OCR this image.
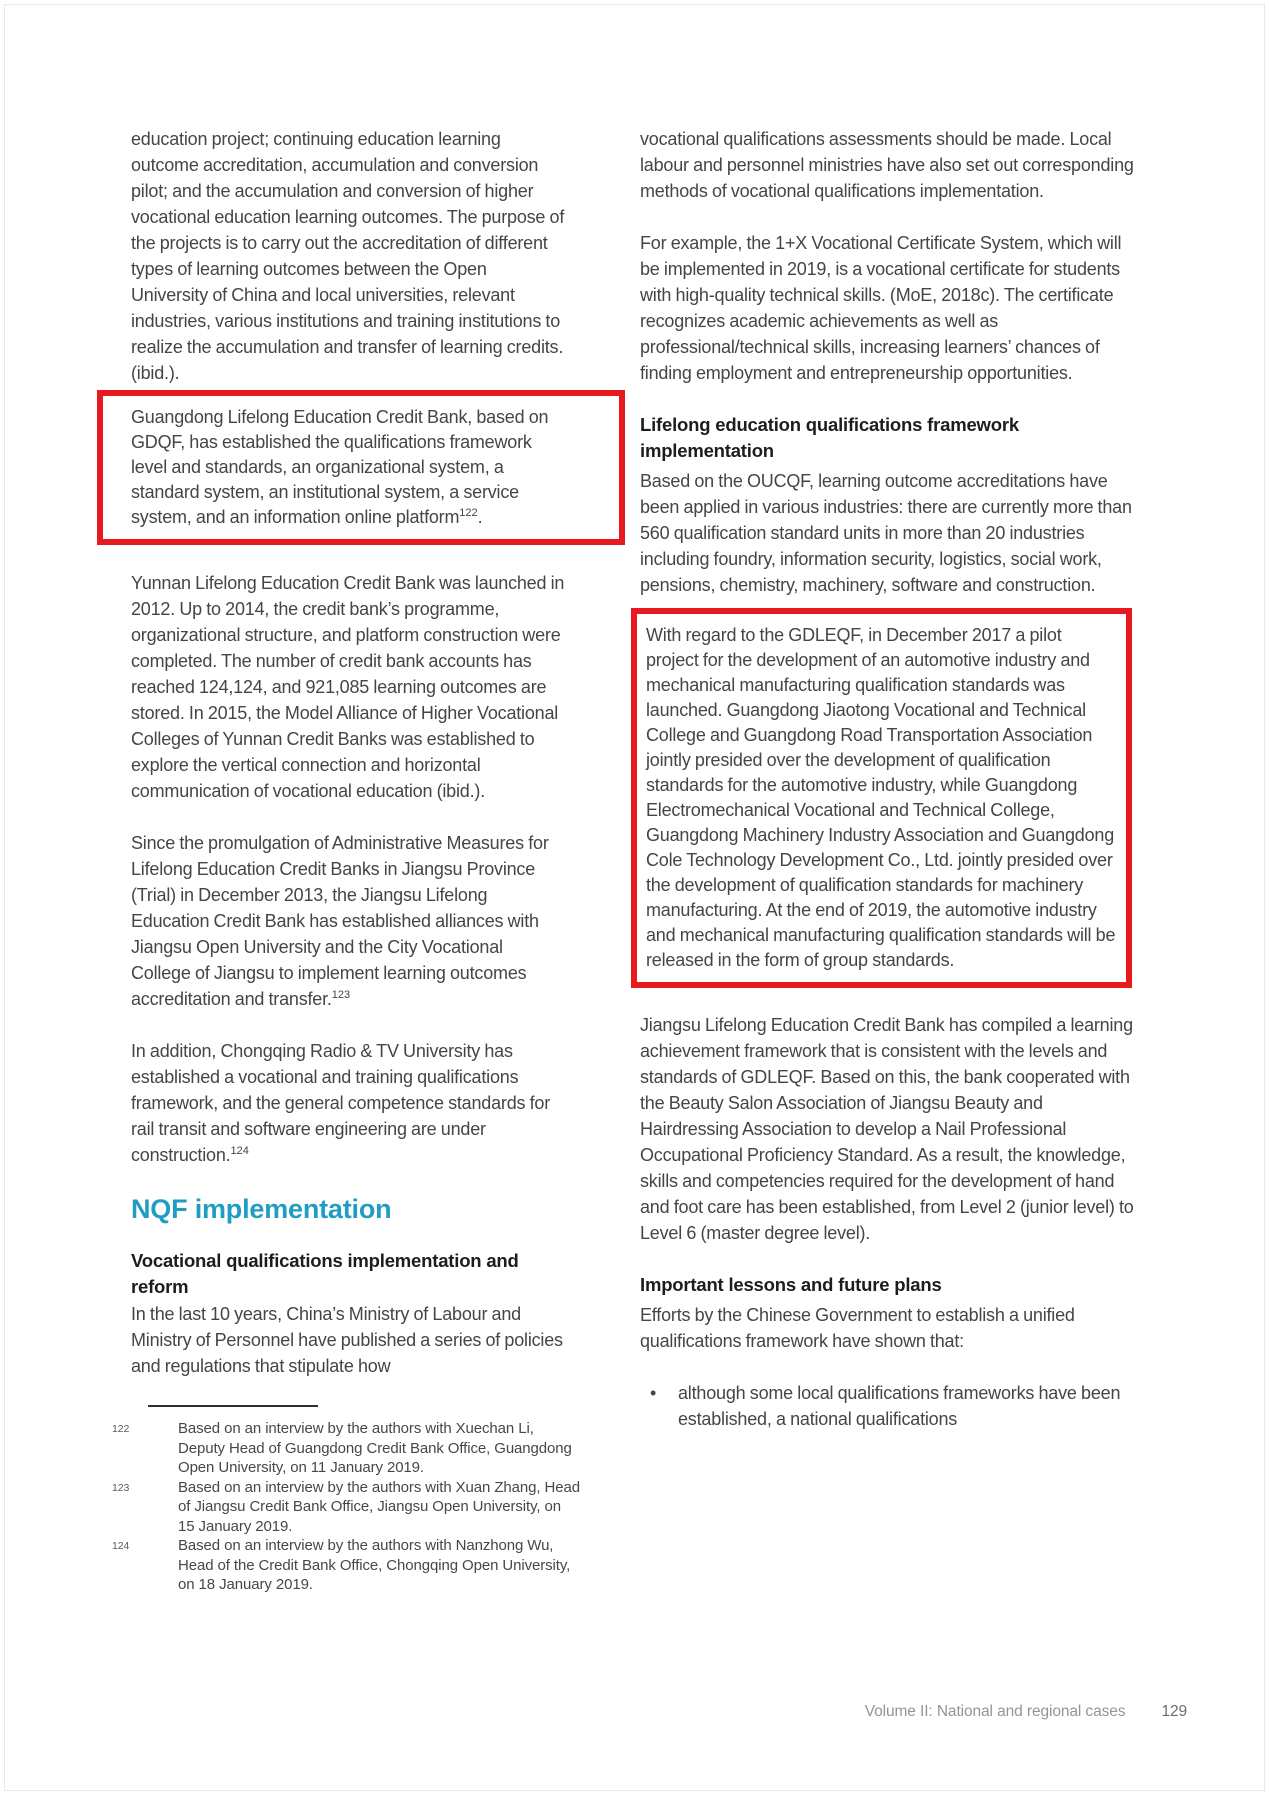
education project; continuing education learning outcome accreditation, accumulation and conversion pilot; and the accumulation and conversion of higher vocational education learning outcomes. The purpose of the projects is to carry out the accreditation of different types of learning outcomes between the Open University of China and local universities, relevant industries, various institutions and training institutions to realize the accumulation and transfer of learning credits. (ibid.).

Guangdong Lifelong Education Credit Bank, based on GDQF, has established the qualifications framework level and standards, an organizational system, a standard system, an institutional system, a service system, and an information online platform$^{122}$.

Yunnan Lifelong Education Credit Bank was launched in 2012. Up to 2014, the credit bank’s programme, organizational structure, and platform construction were completed. The number of credit bank accounts has reached 124,124, and 921,085 learning outcomes are stored. In 2015, the Model Alliance of Higher Vocational Colleges of Yunnan Credit Banks was established to explore the vertical connection and horizontal communication of vocational education (ibid.).

Since the promulgation of Administrative Measures for Lifelong Education Credit Banks in Jiangsu Province (Trial) in December 2013, the Jiangsu Lifelong Education Credit Bank has established alliances with Jiangsu Open University and the City Vocational College of Jiangsu to implement learning outcomes accreditation and transfer.$^{123}$

In addition, Chongqing Radio & TV University has established a vocational and training qualifications framework, and the general competence standards for rail transit and software engineering are under construction.$^{124}$

NQF implementation
Vocational qualifications implementation and reform

In the last 10 years, China’s Ministry of Labour and Ministry of Personnel have published a series of policies and regulations that stipulate how

122	Based on an interview by the authors with Xuechan Li, Deputy Head of Guangdong Credit Bank Office, Guangdong Open University, on 11 January 2019.
123	Based on an interview by the authors with Xuan Zhang, Head of Jiangsu Credit Bank Office, Jiangsu Open University, on 15 January 2019.
124	Based on an interview by the authors with Nanzhong Wu, Head of the Credit Bank Office, Chongqing Open University, on 18 January 2019.

vocational qualifications assessments should be made. Local labour and personnel ministries have also set out corresponding methods of vocational qualifications implementation.

For example, the 1+X Vocational Certificate System, which will be implemented in 2019, is a vocational certificate for students with high-quality technical skills. (MoE, 2018c). The certificate recognizes academic achievements as well as professional/technical skills, increasing learners’ chances of finding employment and entrepreneurship opportunities.

Lifelong education qualifications framework implementation

Based on the OUCQF, learning outcome accreditations have been applied in various industries: there are currently more than 560 qualification standard units in more than 20 industries including foundry, information security, logistics, social work, pensions, chemistry, machinery, software and construction.

With regard to the GDLEQF, in December 2017 a pilot project for the development of an automotive industry and mechanical manufacturing qualification standards was launched. Guangdong Jiaotong Vocational and Technical College and Guangdong Road Transportation Association jointly presided over the development of qualification standards for the automotive industry, while Guangdong Electromechanical Vocational and Technical College, Guangdong Machinery Industry Association and Guangdong Cole Technology Development Co., Ltd. jointly presided over the development of qualification standards for machinery manufacturing. At the end of 2019, the automotive industry and mechanical manufacturing qualification standards will be released in the form of group standards.

Jiangsu Lifelong Education Credit Bank has compiled a learning achievement framework that is consistent with the levels and standards of GDLEQF. Based on this, the bank cooperated with the Beauty Salon Association of Jiangsu Beauty and Hairdressing Association to develop a Nail Professional Occupational Proficiency Standard. As a result, the knowledge, skills and competencies required for the development of hand and foot care has been established, from Level 2 (junior level) to Level 6 (master degree level).

Important lessons and future plans

Efforts by the Chinese Government to establish a unified qualifications framework have shown that:

• although some local qualifications frameworks have been established, a national qualifications
Volume II: National and regional cases 129
